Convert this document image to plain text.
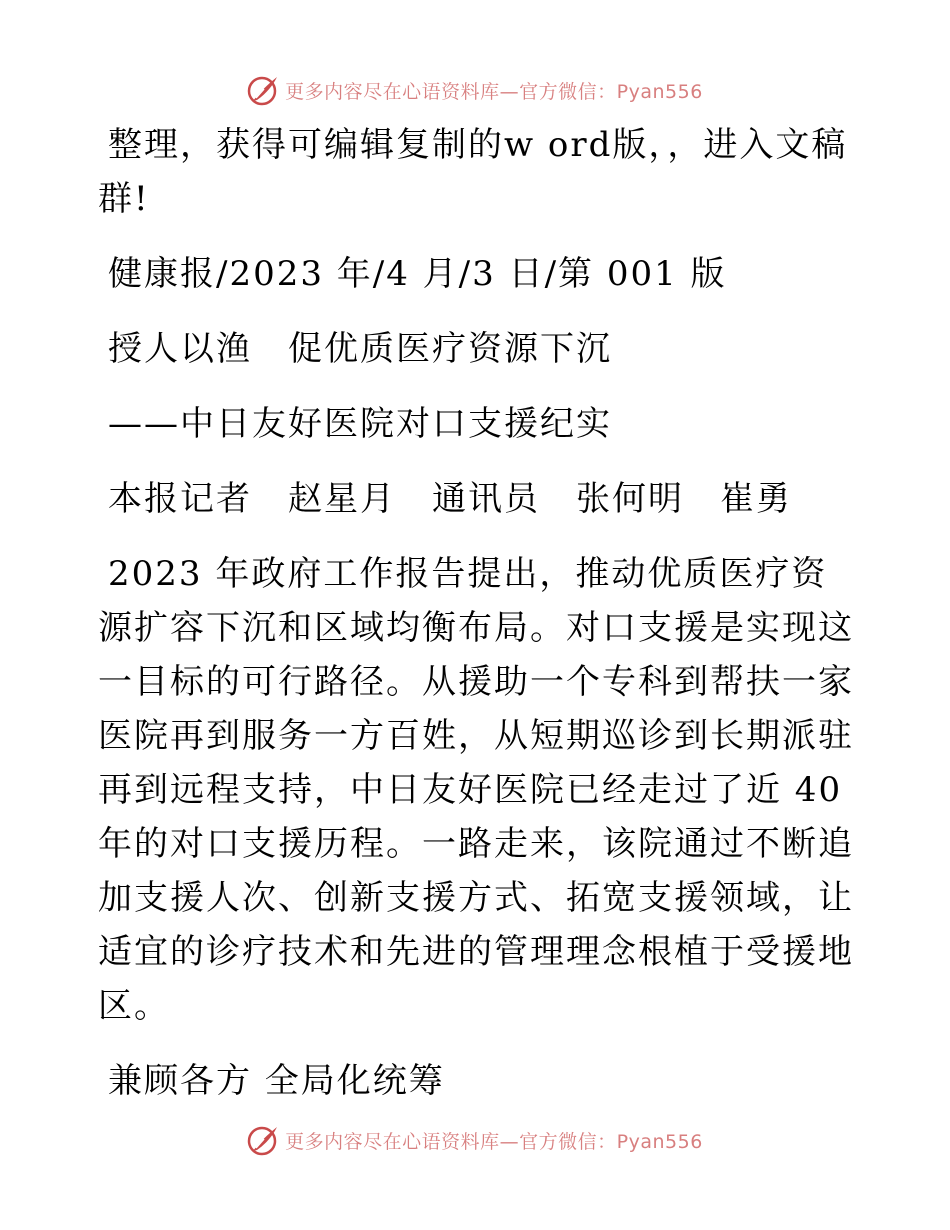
更多内容尽在心语资料库—官方微信：Pyan556

整理，获得可编辑复制的w ord版，，进入文稿群!

健康报/2023 年/4 月/3 日/第 001 版

授人以渔　促优质医疗资源下沉

——中日友好医院对口支援纪实

本报记者　赵星月　通讯员　张何明　崔勇

2023 年政府工作报告提出，推动优质医疗资源扩容下沉和区域均衡布局。对口支援是实现这一目标的可行路径。从援助一个专科到帮扶一家医院再到服务一方百姓，从短期巡诊到长期派驻再到远程支持，中日友好医院已经走过了近 40 年的对口支援历程。一路走来，该院通过不断追加支援人次、创新支援方式、拓宽支援领域，让适宜的诊疗技术和先进的管理理念根植于受援地区。

兼顾各方 全局化统筹

更多内容尽在心语资料库—官方微信：Pyan556
